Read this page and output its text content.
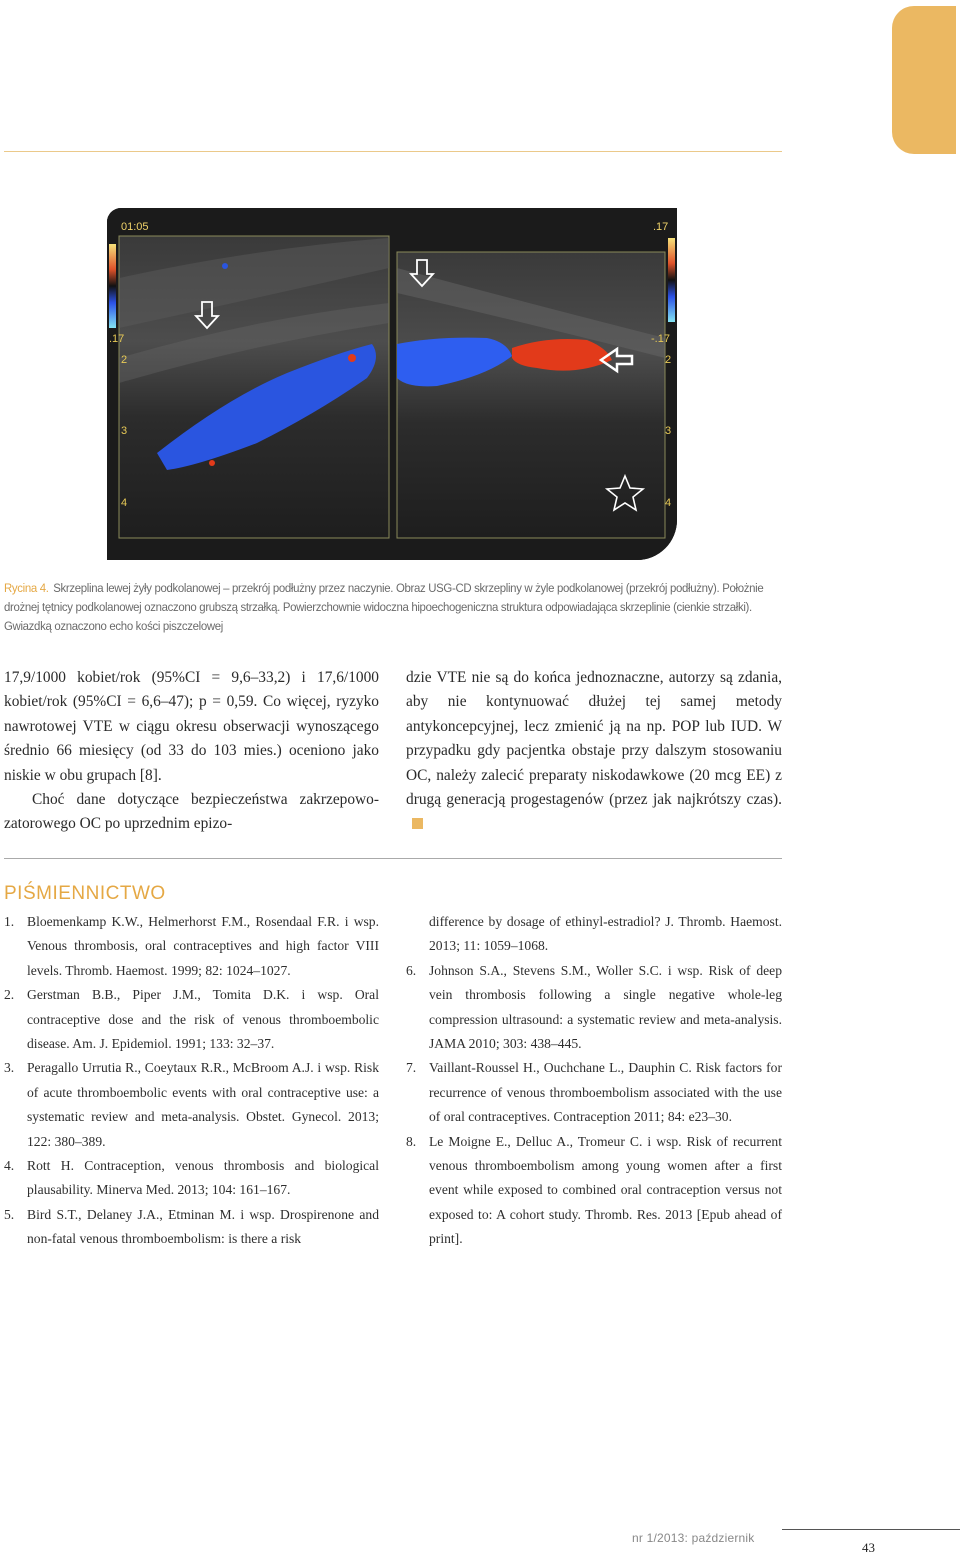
01:05	.17
.17	-.17
2
3
4
2
3
4
Rycina 4. Skrzeplina lewej żyły podkolanowej – przekrój podłużny przez naczynie. Obraz USG-CD skrzepliny w żyle podkolanowej (przekrój podłużny). Położnie drożnej tętnicy podkolanowej oznaczono grubszą strzałką. Powierzchownie widoczna hipoechogeniczna struktura odpowiadająca skrzeplinie (cienkie strzałki). Gwiazdką oznaczono echo kości piszczelowej

17,9/1000 kobiet/rok (95%CI = 9,6–33,2) i 17,6/1000 kobiet/rok (95%CI = 6,6–47); p = 0,59. Co więcej, ryzyko nawrotowej VTE w ciągu okresu obserwacji wynoszącego średnio 66 miesięcy (od 33 do 103 mies.) oceniono jako niskie w obu grupach [8].

Choć dane dotyczące bezpieczeństwa zakrzepowo-zatorowego OC po uprzednim epizo-

dzie VTE nie są do końca jednoznaczne, autorzy są zdania, aby nie kontynuować dłużej tej samej metody antykoncepcyjnej, lecz zmienić ją na np. POP lub IUD. W przypadku gdy pacjentka obstaje przy dalszym stosowaniu OC, należy zalecić preparaty niskodawkowe (20 mcg EE) z drugą generacją progestagenów (przez jak najkrótszy czas).

PIŚMIENNICTWO
1. Bloemenkamp K.W., Helmerhorst F.M., Rosendaal F.R. i wsp. Venous thrombosis, oral contraceptives and high factor VIII levels. Thromb. Haemost. 1999; 82: 1024–1027.
2. Gerstman B.B., Piper J.M., Tomita D.K. i wsp. Oral contraceptive dose and the risk of venous thromboembolic disease. Am. J. Epidemiol. 1991; 133: 32–37.
3. Peragallo Urrutia R., Coeytaux R.R., McBroom A.J. i wsp. Risk of acute thromboembolic events with oral contraceptive use: a systematic review and meta-analysis. Obstet. Gynecol. 2013; 122: 380–389.
4. Rott H. Contraception, venous thrombosis and biological plausability. Minerva Med. 2013; 104: 161–167.
5. Bird S.T., Delaney J.A., Etminan M. i wsp. Drospirenone and non-fatal venous thromboembolism: is there a risk
difference by dosage of ethinyl-estradiol? J. Thromb. Haemost. 2013; 11: 1059–1068.
6. Johnson S.A., Stevens S.M., Woller S.C. i wsp. Risk of deep vein thrombosis following a single negative whole-leg compression ultrasound: a systematic review and meta-analysis. JAMA 2010; 303: 438–445.
7. Vaillant-Roussel H., Ouchchane L., Dauphin C. Risk factors for recurrence of venous thromboembolism associated with the use of oral contraceptives. Contraception 2011; 84: e23–30.
8. Le Moigne E., Delluc A., Tromeur C. i wsp. Risk of recurrent venous thromboembolism among young women after a first event while exposed to combined oral contraception versus not exposed to: A cohort study. Thromb. Res. 2013 [Epub ahead of print].
nr 1/2013: październik
43
